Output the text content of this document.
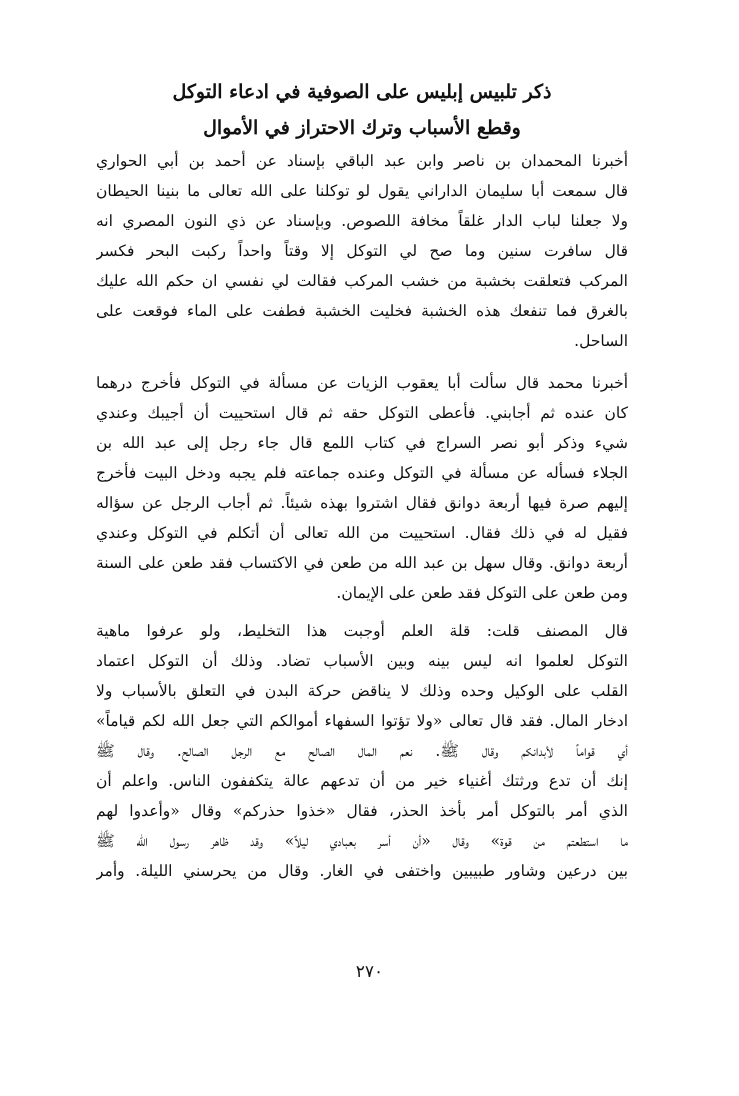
ذكر تلبيس إبليس على الصوفية في ادعاء التوكل
وقطع الأسباب وترك الاحتراز في الأموال
أخبرنا المحمدان بن ناصر وابن عبد الباقي بإسناد عن أحمد بن أبي الحواري
قال سمعت أبا سليمان الداراني يقول لو توكلنا على الله تعالى ما بنينا الحيطان
ولا جعلنا لباب الدار غلقاً مخافة اللصوص. وبإسناد عن ذي النون المصري انه
قال سافرت سنين وما صح لي التوكل إلا وقتاً واحداً ركبت البحر فكسر
المركب فتعلقت بخشبة من خشب المركب فقالت لي نفسي ان حكم الله عليك
بالغرق فما تنفعك هذه الخشبة فخليت الخشبة فطفت على الماء فوقعت على
الساحل.
أخبرنا محمد قال سألت أبا يعقوب الزيات عن مسألة في التوكل فأخرج درهما
كان عنده ثم أجابني. فأعطى التوكل حقه ثم قال استحييت أن أجيبك وعندي
شيء وذكر أبو نصر السراج في كتاب اللمع قال جاء رجل إلى عبد الله بن
الجلاء فسأله عن مسألة في التوكل وعنده جماعته فلم يجبه ودخل البيت فأخرج
إليهم صرة فيها أربعة دوانق فقال اشتروا بهذه شيئاً. ثم أجاب الرجل عن سؤاله
فقيل له في ذلك فقال. استحييت من الله تعالى أن أتكلم في التوكل وعندي
أربعة دوانق. وقال سهل بن عبد الله من طعن في الاكتساب فقد طعن على السنة
ومن طعن على التوكل فقد طعن على الإيمان.
قال المصنف قلت: قلة العلم أوجبت هذا التخليط، ولو عرفوا ماهية
التوكل لعلموا انه ليس بينه وبين الأسباب تضاد. وذلك أن التوكل اعتماد
القلب على الوكيل وحده وذلك لا يناقض حركة البدن في التعلق بالأسباب ولا
ادخار المال. فقد قال تعالى «ولا تؤتوا السفهاء أموالكم التي جعل الله لكم قياماً»
أي قواماً لأبدانكم وقال ﷺ. نعم المال الصالح مع الرجل الصالح. وقال ﷺ
إنك أن تدع ورثتك أغنياء خير من أن تدعهم عالة يتكففون الناس. واعلم أن
الذي أمر بالتوكل أمر بأخذ الحذر، فقال «خذوا حذركم» وقال «وأعدوا لهم
ما استطعتم من قوة» وقال «أن أسر بعبادي ليلاً» وقد ظاهر رسول الله ﷺ
بين درعين وشاور طبيبين واختفى في الغار. وقال من يحرسني الليلة. وأمر
٢٧٠
